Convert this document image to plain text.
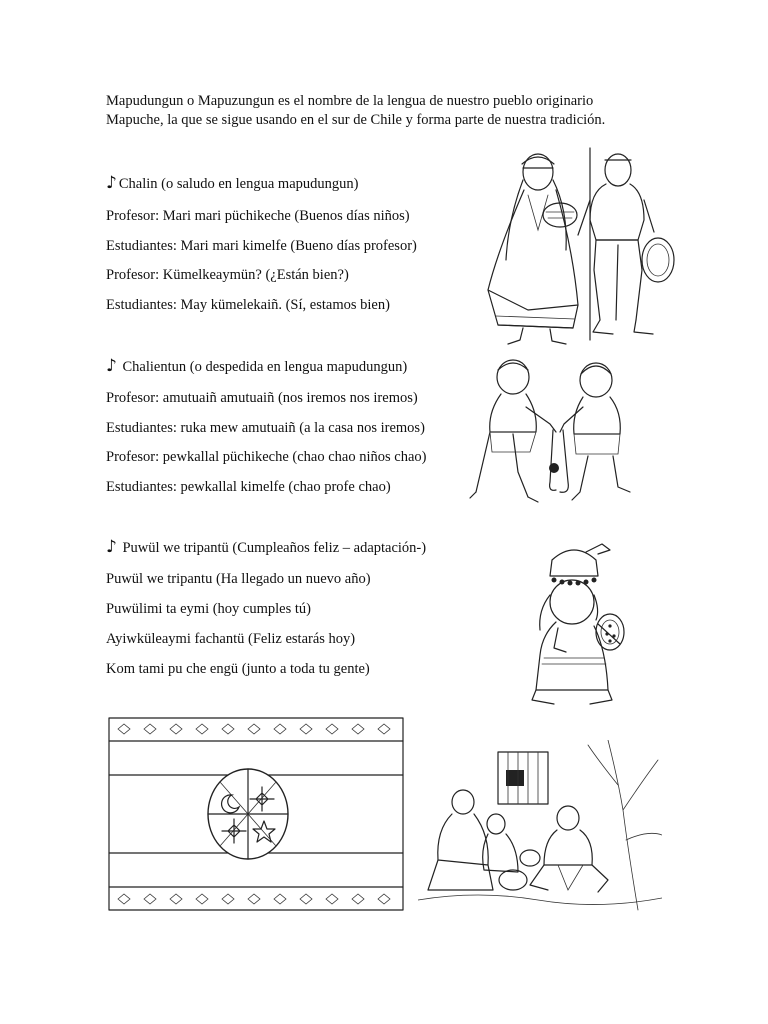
Mapudungun o Mapuzungun es el nombre de la lengua de nuestro pueblo originario
Mapuche, la que se sigue usando en el sur de Chile y forma parte de nuestra tradición.
♪ Chalin (o saludo en lengua mapudungun)
Profesor: Mari mari püchikeche (Buenos días niños)
Estudiantes: Mari mari kimelfe (Bueno días profesor)
Profesor: Kümelkeaymün? (¿Están bien?)
Estudiantes: May kümelekaiñ. (Sí, estamos bien)
♪ Chalientun (o despedida en lengua mapudungun)
Profesor: amutuaiñ amutuaiñ (nos iremos nos iremos)
Estudiantes: ruka mew amutuaiñ (a la casa nos iremos)
Profesor: pewkallal püchikeche (chao chao niños chao)
Estudiantes: pewkallal kimelfe (chao profe chao)
♪ Puwül we tripantü (Cumpleaños feliz – adaptación-)
Puwül we tripantu (Ha llegado un nuevo año)
Puwülimi ta eymi (hoy cumples tú)
Ayiwküleaymi fachantü (Feliz estarás hoy)
Kom tami pu che engü (junto a toda tu gente)
